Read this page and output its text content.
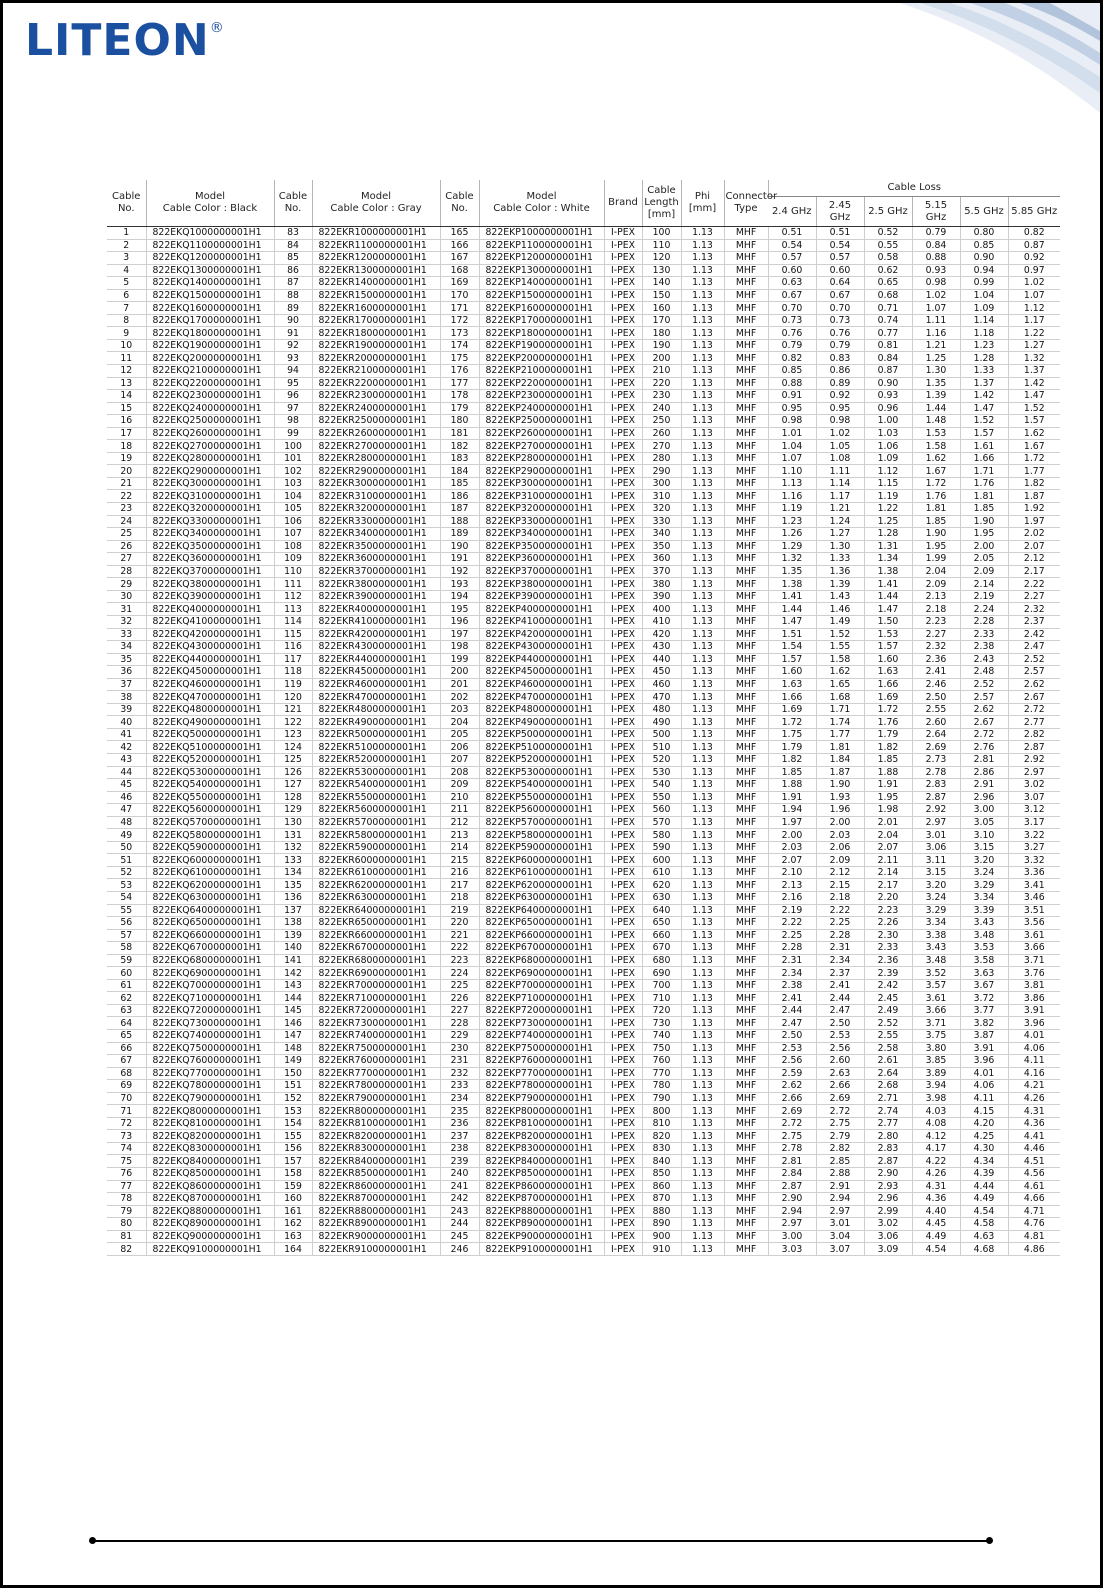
LITEON®
Cable No.	Model
Cable Color : Black	Cable No.	Model
Cable Color : Gray	Cable No.	Model
Cable Color : White	Brand	Cable Length [mm]	Phi [mm]	Connector Type	Cable Loss					
										2.4 GHz	2.45 GHz	2.5 GHz	5.15 GHz	5.5 GHz	5.85 GHz
1	822EKQ1000000001H1	83	822EKR1000000001H1	165	822EKP1000000001H1	I-PEX	100	1.13	MHF	0.51	0.51	0.52	0.79	0.80	0.82
2	822EKQ1100000001H1	84	822EKR1100000001H1	166	822EKP1100000001H1	I-PEX	110	1.13	MHF	0.54	0.54	0.55	0.84	0.85	0.87
3	822EKQ1200000001H1	85	822EKR1200000001H1	167	822EKP1200000001H1	I-PEX	120	1.13	MHF	0.57	0.57	0.58	0.88	0.90	0.92
4	822EKQ1300000001H1	86	822EKR1300000001H1	168	822EKP1300000001H1	I-PEX	130	1.13	MHF	0.60	0.60	0.62	0.93	0.94	0.97
5	822EKQ1400000001H1	87	822EKR1400000001H1	169	822EKP1400000001H1	I-PEX	140	1.13	MHF	0.63	0.64	0.65	0.98	0.99	1.02
6	822EKQ1500000001H1	88	822EKR1500000001H1	170	822EKP1500000001H1	I-PEX	150	1.13	MHF	0.67	0.67	0.68	1.02	1.04	1.07
7	822EKQ1600000001H1	89	822EKR1600000001H1	171	822EKP1600000001H1	I-PEX	160	1.13	MHF	0.70	0.70	0.71	1.07	1.09	1.12
8	822EKQ1700000001H1	90	822EKR1700000001H1	172	822EKP1700000001H1	I-PEX	170	1.13	MHF	0.73	0.73	0.74	1.11	1.14	1.17
9	822EKQ1800000001H1	91	822EKR1800000001H1	173	822EKP1800000001H1	I-PEX	180	1.13	MHF	0.76	0.76	0.77	1.16	1.18	1.22
10	822EKQ1900000001H1	92	822EKR1900000001H1	174	822EKP1900000001H1	I-PEX	190	1.13	MHF	0.79	0.79	0.81	1.21	1.23	1.27
11	822EKQ2000000001H1	93	822EKR2000000001H1	175	822EKP2000000001H1	I-PEX	200	1.13	MHF	0.82	0.83	0.84	1.25	1.28	1.32
12	822EKQ2100000001H1	94	822EKR2100000001H1	176	822EKP2100000001H1	I-PEX	210	1.13	MHF	0.85	0.86	0.87	1.30	1.33	1.37
13	822EKQ2200000001H1	95	822EKR2200000001H1	177	822EKP2200000001H1	I-PEX	220	1.13	MHF	0.88	0.89	0.90	1.35	1.37	1.42
14	822EKQ2300000001H1	96	822EKR2300000001H1	178	822EKP2300000001H1	I-PEX	230	1.13	MHF	0.91	0.92	0.93	1.39	1.42	1.47
15	822EKQ2400000001H1	97	822EKR2400000001H1	179	822EKP2400000001H1	I-PEX	240	1.13	MHF	0.95	0.95	0.96	1.44	1.47	1.52
16	822EKQ2500000001H1	98	822EKR2500000001H1	180	822EKP2500000001H1	I-PEX	250	1.13	MHF	0.98	0.98	1.00	1.48	1.52	1.57
17	822EKQ2600000001H1	99	822EKR2600000001H1	181	822EKP2600000001H1	I-PEX	260	1.13	MHF	1.01	1.02	1.03	1.53	1.57	1.62
18	822EKQ2700000001H1	100	822EKR2700000001H1	182	822EKP2700000001H1	I-PEX	270	1.13	MHF	1.04	1.05	1.06	1.58	1.61	1.67
19	822EKQ2800000001H1	101	822EKR2800000001H1	183	822EKP2800000001H1	I-PEX	280	1.13	MHF	1.07	1.08	1.09	1.62	1.66	1.72
20	822EKQ2900000001H1	102	822EKR2900000001H1	184	822EKP2900000001H1	I-PEX	290	1.13	MHF	1.10	1.11	1.12	1.67	1.71	1.77
21	822EKQ3000000001H1	103	822EKR3000000001H1	185	822EKP3000000001H1	I-PEX	300	1.13	MHF	1.13	1.14	1.15	1.72	1.76	1.82
22	822EKQ3100000001H1	104	822EKR3100000001H1	186	822EKP3100000001H1	I-PEX	310	1.13	MHF	1.16	1.17	1.19	1.76	1.81	1.87
23	822EKQ3200000001H1	105	822EKR3200000001H1	187	822EKP3200000001H1	I-PEX	320	1.13	MHF	1.19	1.21	1.22	1.81	1.85	1.92
24	822EKQ3300000001H1	106	822EKR3300000001H1	188	822EKP3300000001H1	I-PEX	330	1.13	MHF	1.23	1.24	1.25	1.85	1.90	1.97
25	822EKQ3400000001H1	107	822EKR3400000001H1	189	822EKP3400000001H1	I-PEX	340	1.13	MHF	1.26	1.27	1.28	1.90	1.95	2.02
26	822EKQ3500000001H1	108	822EKR3500000001H1	190	822EKP3500000001H1	I-PEX	350	1.13	MHF	1.29	1.30	1.31	1.95	2.00	2.07
27	822EKQ3600000001H1	109	822EKR3600000001H1	191	822EKP3600000001H1	I-PEX	360	1.13	MHF	1.32	1.33	1.34	1.99	2.05	2.12
28	822EKQ3700000001H1	110	822EKR3700000001H1	192	822EKP3700000001H1	I-PEX	370	1.13	MHF	1.35	1.36	1.38	2.04	2.09	2.17
29	822EKQ3800000001H1	111	822EKR3800000001H1	193	822EKP3800000001H1	I-PEX	380	1.13	MHF	1.38	1.39	1.41	2.09	2.14	2.22
30	822EKQ3900000001H1	112	822EKR3900000001H1	194	822EKP3900000001H1	I-PEX	390	1.13	MHF	1.41	1.43	1.44	2.13	2.19	2.27
31	822EKQ4000000001H1	113	822EKR4000000001H1	195	822EKP4000000001H1	I-PEX	400	1.13	MHF	1.44	1.46	1.47	2.18	2.24	2.32
32	822EKQ4100000001H1	114	822EKR4100000001H1	196	822EKP4100000001H1	I-PEX	410	1.13	MHF	1.47	1.49	1.50	2.23	2.28	2.37
33	822EKQ4200000001H1	115	822EKR4200000001H1	197	822EKP4200000001H1	I-PEX	420	1.13	MHF	1.51	1.52	1.53	2.27	2.33	2.42
34	822EKQ4300000001H1	116	822EKR4300000001H1	198	822EKP4300000001H1	I-PEX	430	1.13	MHF	1.54	1.55	1.57	2.32	2.38	2.47
35	822EKQ4400000001H1	117	822EKR4400000001H1	199	822EKP4400000001H1	I-PEX	440	1.13	MHF	1.57	1.58	1.60	2.36	2.43	2.52
36	822EKQ4500000001H1	118	822EKR4500000001H1	200	822EKP4500000001H1	I-PEX	450	1.13	MHF	1.60	1.62	1.63	2.41	2.48	2.57
37	822EKQ4600000001H1	119	822EKR4600000001H1	201	822EKP4600000001H1	I-PEX	460	1.13	MHF	1.63	1.65	1.66	2.46	2.52	2.62
38	822EKQ4700000001H1	120	822EKR4700000001H1	202	822EKP4700000001H1	I-PEX	470	1.13	MHF	1.66	1.68	1.69	2.50	2.57	2.67
39	822EKQ4800000001H1	121	822EKR4800000001H1	203	822EKP4800000001H1	I-PEX	480	1.13	MHF	1.69	1.71	1.72	2.55	2.62	2.72
40	822EKQ4900000001H1	122	822EKR4900000001H1	204	822EKP4900000001H1	I-PEX	490	1.13	MHF	1.72	1.74	1.76	2.60	2.67	2.77
41	822EKQ5000000001H1	123	822EKR5000000001H1	205	822EKP5000000001H1	I-PEX	500	1.13	MHF	1.75	1.77	1.79	2.64	2.72	2.82
42	822EKQ5100000001H1	124	822EKR5100000001H1	206	822EKP5100000001H1	I-PEX	510	1.13	MHF	1.79	1.81	1.82	2.69	2.76	2.87
43	822EKQ5200000001H1	125	822EKR5200000001H1	207	822EKP5200000001H1	I-PEX	520	1.13	MHF	1.82	1.84	1.85	2.73	2.81	2.92
44	822EKQ5300000001H1	126	822EKR5300000001H1	208	822EKP5300000001H1	I-PEX	530	1.13	MHF	1.85	1.87	1.88	2.78	2.86	2.97
45	822EKQ5400000001H1	127	822EKR5400000001H1	209	822EKP5400000001H1	I-PEX	540	1.13	MHF	1.88	1.90	1.91	2.83	2.91	3.02
46	822EKQ5500000001H1	128	822EKR5500000001H1	210	822EKP5500000001H1	I-PEX	550	1.13	MHF	1.91	1.93	1.95	2.87	2.96	3.07
47	822EKQ5600000001H1	129	822EKR5600000001H1	211	822EKP5600000001H1	I-PEX	560	1.13	MHF	1.94	1.96	1.98	2.92	3.00	3.12
48	822EKQ5700000001H1	130	822EKR5700000001H1	212	822EKP5700000001H1	I-PEX	570	1.13	MHF	1.97	2.00	2.01	2.97	3.05	3.17
49	822EKQ5800000001H1	131	822EKR5800000001H1	213	822EKP5800000001H1	I-PEX	580	1.13	MHF	2.00	2.03	2.04	3.01	3.10	3.22
50	822EKQ5900000001H1	132	822EKR5900000001H1	214	822EKP5900000001H1	I-PEX	590	1.13	MHF	2.03	2.06	2.07	3.06	3.15	3.27
51	822EKQ6000000001H1	133	822EKR6000000001H1	215	822EKP6000000001H1	I-PEX	600	1.13	MHF	2.07	2.09	2.11	3.11	3.20	3.32
52	822EKQ6100000001H1	134	822EKR6100000001H1	216	822EKP6100000001H1	I-PEX	610	1.13	MHF	2.10	2.12	2.14	3.15	3.24	3.36
53	822EKQ6200000001H1	135	822EKR6200000001H1	217	822EKP6200000001H1	I-PEX	620	1.13	MHF	2.13	2.15	2.17	3.20	3.29	3.41
54	822EKQ6300000001H1	136	822EKR6300000001H1	218	822EKP6300000001H1	I-PEX	630	1.13	MHF	2.16	2.18	2.20	3.24	3.34	3.46
55	822EKQ6400000001H1	137	822EKR6400000001H1	219	822EKP6400000001H1	I-PEX	640	1.13	MHF	2.19	2.22	2.23	3.29	3.39	3.51
56	822EKQ6500000001H1	138	822EKR6500000001H1	220	822EKP6500000001H1	I-PEX	650	1.13	MHF	2.22	2.25	2.26	3.34	3.43	3.56
57	822EKQ6600000001H1	139	822EKR6600000001H1	221	822EKP6600000001H1	I-PEX	660	1.13	MHF	2.25	2.28	2.30	3.38	3.48	3.61
58	822EKQ6700000001H1	140	822EKR6700000001H1	222	822EKP6700000001H1	I-PEX	670	1.13	MHF	2.28	2.31	2.33	3.43	3.53	3.66
59	822EKQ6800000001H1	141	822EKR6800000001H1	223	822EKP6800000001H1	I-PEX	680	1.13	MHF	2.31	2.34	2.36	3.48	3.58	3.71
60	822EKQ6900000001H1	142	822EKR6900000001H1	224	822EKP6900000001H1	I-PEX	690	1.13	MHF	2.34	2.37	2.39	3.52	3.63	3.76
61	822EKQ7000000001H1	143	822EKR7000000001H1	225	822EKP7000000001H1	I-PEX	700	1.13	MHF	2.38	2.41	2.42	3.57	3.67	3.81
62	822EKQ7100000001H1	144	822EKR7100000001H1	226	822EKP7100000001H1	I-PEX	710	1.13	MHF	2.41	2.44	2.45	3.61	3.72	3.86
63	822EKQ7200000001H1	145	822EKR7200000001H1	227	822EKP7200000001H1	I-PEX	720	1.13	MHF	2.44	2.47	2.49	3.66	3.77	3.91
64	822EKQ7300000001H1	146	822EKR7300000001H1	228	822EKP7300000001H1	I-PEX	730	1.13	MHF	2.47	2.50	2.52	3.71	3.82	3.96
65	822EKQ7400000001H1	147	822EKR7400000001H1	229	822EKP7400000001H1	I-PEX	740	1.13	MHF	2.50	2.53	2.55	3.75	3.87	4.01
66	822EKQ7500000001H1	148	822EKR7500000001H1	230	822EKP7500000001H1	I-PEX	750	1.13	MHF	2.53	2.56	2.58	3.80	3.91	4.06
67	822EKQ7600000001H1	149	822EKR7600000001H1	231	822EKP7600000001H1	I-PEX	760	1.13	MHF	2.56	2.60	2.61	3.85	3.96	4.11
68	822EKQ7700000001H1	150	822EKR7700000001H1	232	822EKP7700000001H1	I-PEX	770	1.13	MHF	2.59	2.63	2.64	3.89	4.01	4.16
69	822EKQ7800000001H1	151	822EKR7800000001H1	233	822EKP7800000001H1	I-PEX	780	1.13	MHF	2.62	2.66	2.68	3.94	4.06	4.21
70	822EKQ7900000001H1	152	822EKR7900000001H1	234	822EKP7900000001H1	I-PEX	790	1.13	MHF	2.66	2.69	2.71	3.98	4.11	4.26
71	822EKQ8000000001H1	153	822EKR8000000001H1	235	822EKP8000000001H1	I-PEX	800	1.13	MHF	2.69	2.72	2.74	4.03	4.15	4.31
72	822EKQ8100000001H1	154	822EKR8100000001H1	236	822EKP8100000001H1	I-PEX	810	1.13	MHF	2.72	2.75	2.77	4.08	4.20	4.36
73	822EKQ8200000001H1	155	822EKR8200000001H1	237	822EKP8200000001H1	I-PEX	820	1.13	MHF	2.75	2.79	2.80	4.12	4.25	4.41
74	822EKQ8300000001H1	156	822EKR8300000001H1	238	822EKP8300000001H1	I-PEX	830	1.13	MHF	2.78	2.82	2.83	4.17	4.30	4.46
75	822EKQ8400000001H1	157	822EKR8400000001H1	239	822EKP8400000001H1	I-PEX	840	1.13	MHF	2.81	2.85	2.87	4.22	4.34	4.51
76	822EKQ8500000001H1	158	822EKR8500000001H1	240	822EKP8500000001H1	I-PEX	850	1.13	MHF	2.84	2.88	2.90	4.26	4.39	4.56
77	822EKQ8600000001H1	159	822EKR8600000001H1	241	822EKP8600000001H1	I-PEX	860	1.13	MHF	2.87	2.91	2.93	4.31	4.44	4.61
78	822EKQ8700000001H1	160	822EKR8700000001H1	242	822EKP8700000001H1	I-PEX	870	1.13	MHF	2.90	2.94	2.96	4.36	4.49	4.66
79	822EKQ8800000001H1	161	822EKR8800000001H1	243	822EKP8800000001H1	I-PEX	880	1.13	MHF	2.94	2.97	2.99	4.40	4.54	4.71
80	822EKQ8900000001H1	162	822EKR8900000001H1	244	822EKP8900000001H1	I-PEX	890	1.13	MHF	2.97	3.01	3.02	4.45	4.58	4.76
81	822EKQ9000000001H1	163	822EKR9000000001H1	245	822EKP9000000001H1	I-PEX	900	1.13	MHF	3.00	3.04	3.06	4.49	4.63	4.81
82	822EKQ9100000001H1	164	822EKR9100000001H1	246	822EKP9100000001H1	I-PEX	910	1.13	MHF	3.03	3.07	3.09	4.54	4.68	4.86
